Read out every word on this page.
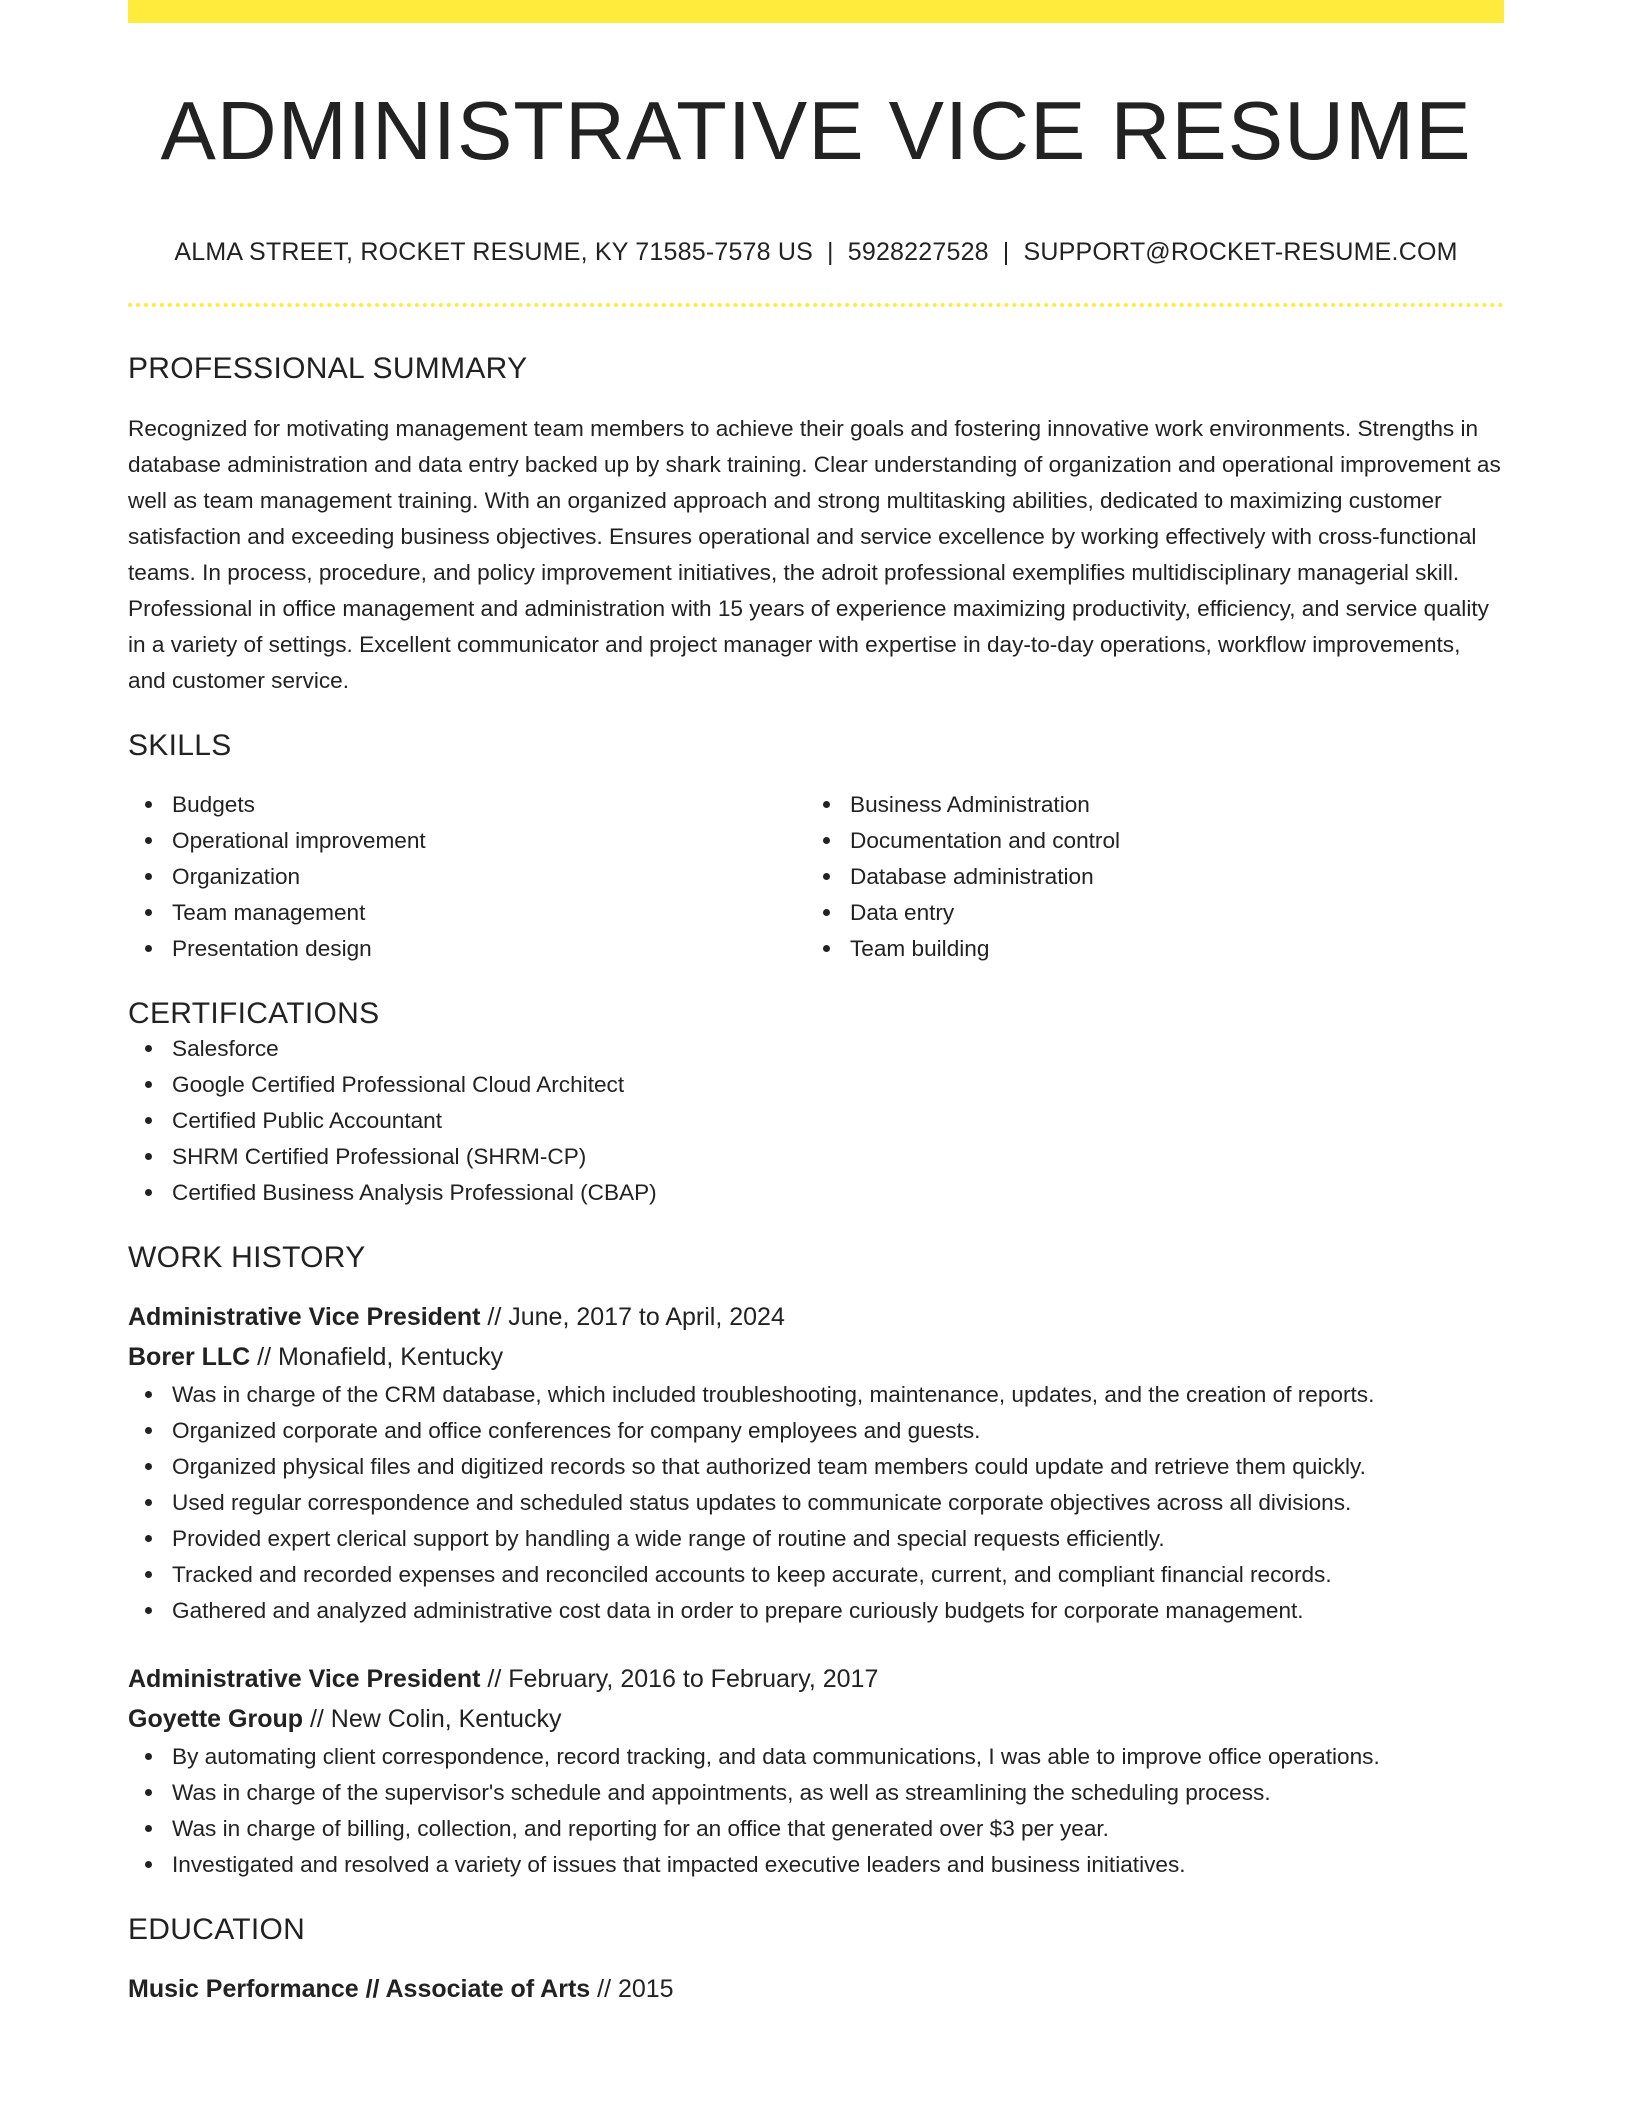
ADMINISTRATIVE VICE RESUME
ALMA STREET, ROCKET RESUME, KY 71585-7578 US | 5928227528 | SUPPORT@ROCKET-RESUME.COM
PROFESSIONAL SUMMARY
Recognized for motivating management team members to achieve their goals and fostering innovative work environments. Strengths in database administration and data entry backed up by shark training. Clear understanding of organization and operational improvement as well as team management training. With an organized approach and strong multitasking abilities, dedicated to maximizing customer satisfaction and exceeding business objectives. Ensures operational and service excellence by working effectively with cross-functional teams. In process, procedure, and policy improvement initiatives, the adroit professional exemplifies multidisciplinary managerial skill. Professional in office management and administration with 15 years of experience maximizing productivity, efficiency, and service quality in a variety of settings. Excellent communicator and project manager with expertise in day-to-day operations, workflow improvements, and customer service.
SKILLS
Budgets
Operational improvement
Organization
Team management
Presentation design
Business Administration
Documentation and control
Database administration
Data entry
Team building
CERTIFICATIONS
Salesforce
Google Certified Professional Cloud Architect
Certified Public Accountant
SHRM Certified Professional (SHRM-CP)
Certified Business Analysis Professional (CBAP)
WORK HISTORY
Administrative Vice President // June, 2017 to April, 2024
Borer LLC // Monafield, Kentucky
Was in charge of the CRM database, which included troubleshooting, maintenance, updates, and the creation of reports.
Organized corporate and office conferences for company employees and guests.
Organized physical files and digitized records so that authorized team members could update and retrieve them quickly.
Used regular correspondence and scheduled status updates to communicate corporate objectives across all divisions.
Provided expert clerical support by handling a wide range of routine and special requests efficiently.
Tracked and recorded expenses and reconciled accounts to keep accurate, current, and compliant financial records.
Gathered and analyzed administrative cost data in order to prepare curiously budgets for corporate management.
Administrative Vice President // February, 2016 to February, 2017
Goyette Group // New Colin, Kentucky
By automating client correspondence, record tracking, and data communications, I was able to improve office operations.
Was in charge of the supervisor's schedule and appointments, as well as streamlining the scheduling process.
Was in charge of billing, collection, and reporting for an office that generated over $3 per year.
Investigated and resolved a variety of issues that impacted executive leaders and business initiatives.
EDUCATION
Music Performance // Associate of Arts // 2015
